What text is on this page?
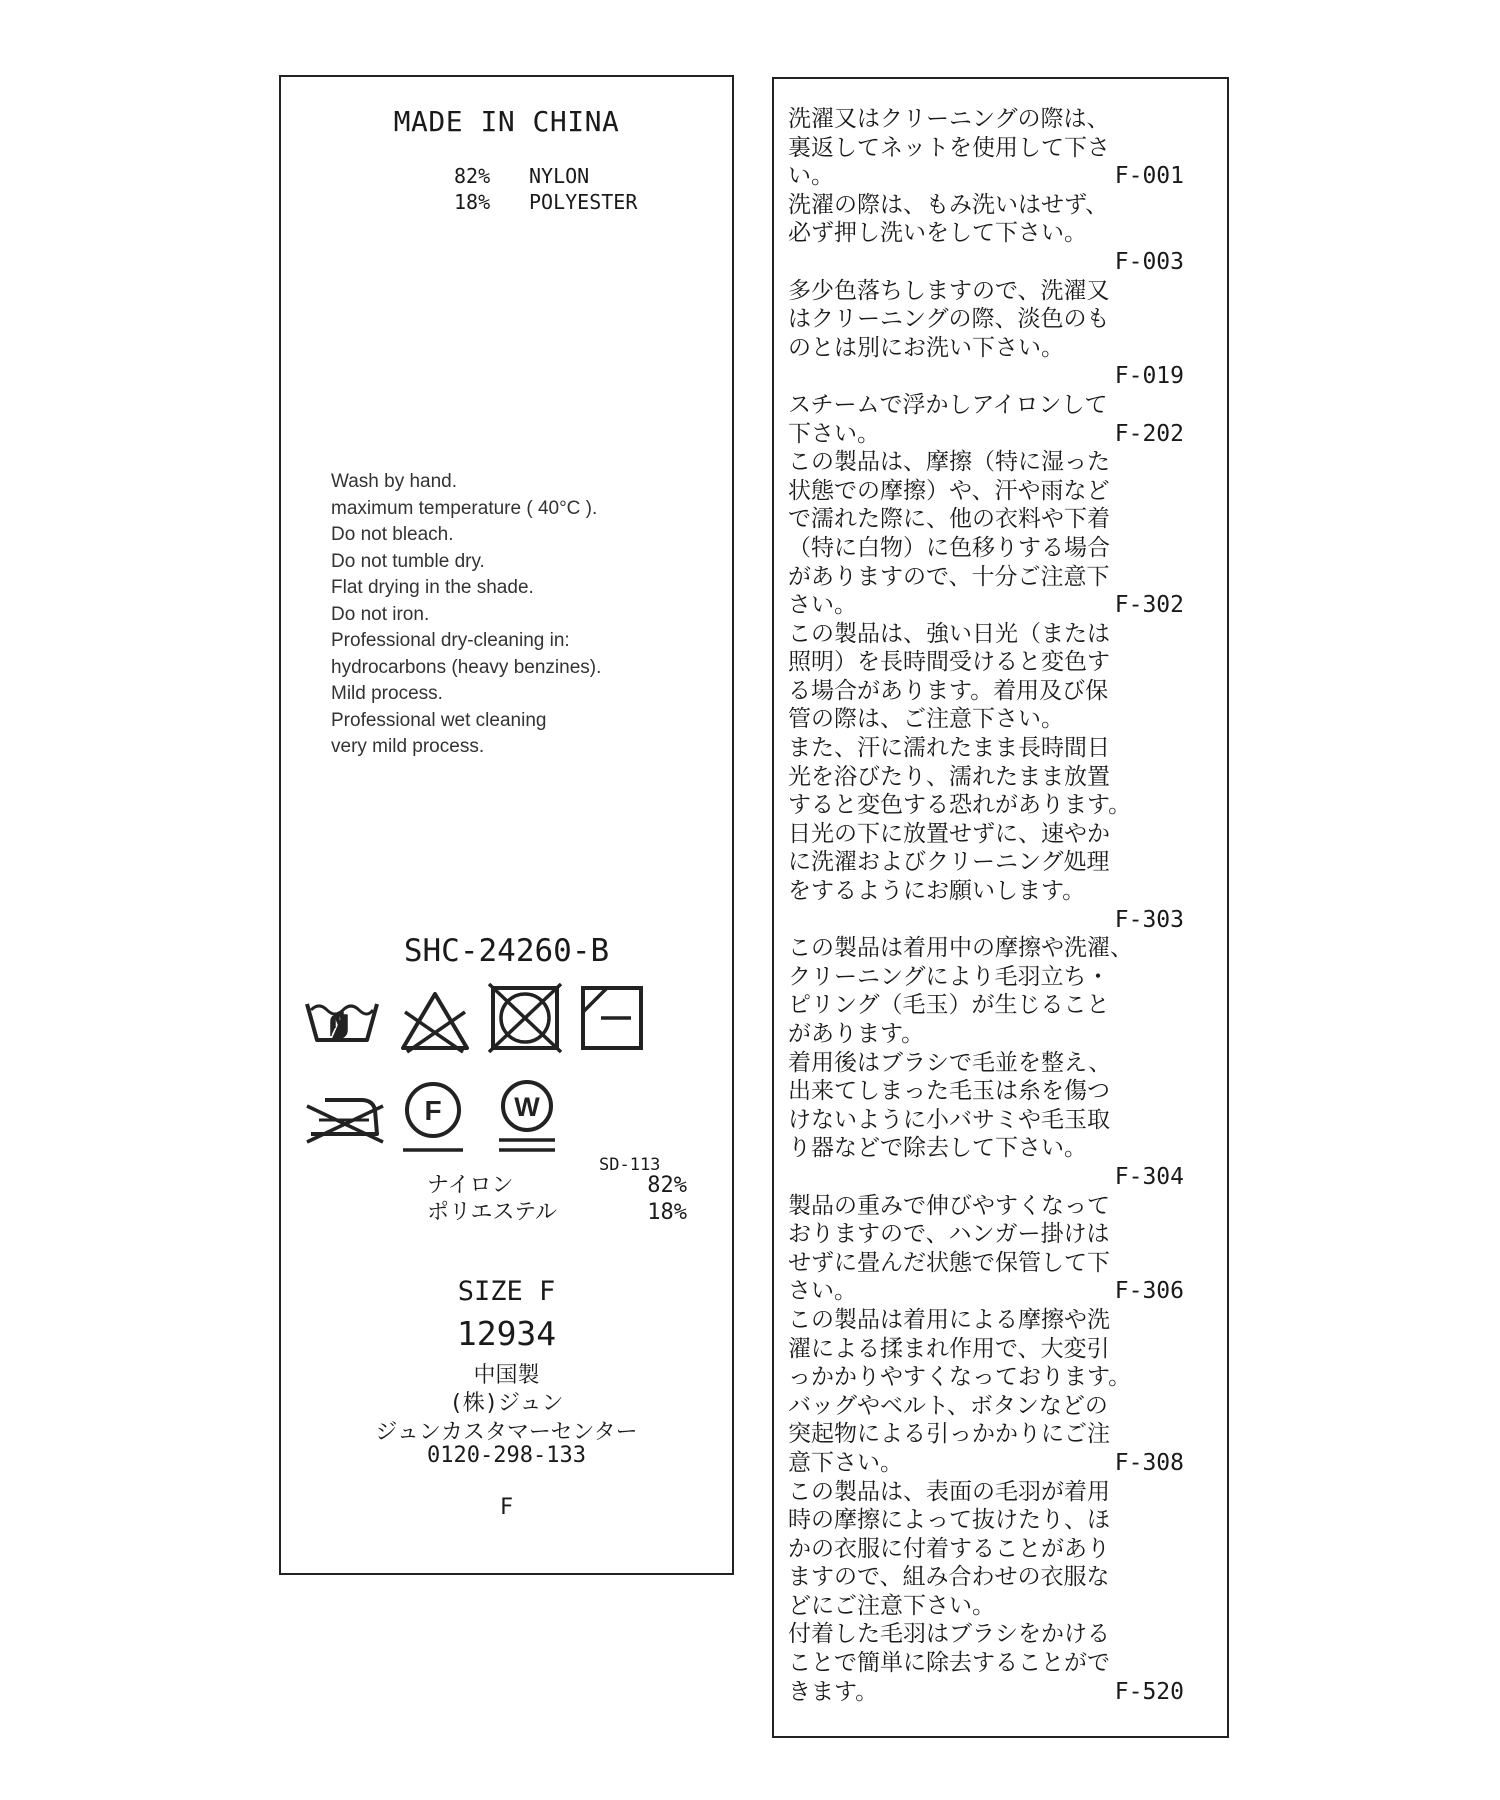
MADE IN CHINA
82% NYLON
18% POLYESTER
Wash by hand.
maximum temperature ( 40°C ).
Do not bleach.
Do not tumble dry.
Flat drying in the shade.
Do not iron.
Professional dry-cleaning in:
hydrocarbons (heavy benzines).
Mild process.
Professional wet cleaning
very mild process.
SHC-24260-B
F	W
SD-113
ナイロン	82%
ポリエステル	18%
SIZE F
12934
中国製
(株)ジュン
ジュンカスタマーセンター
0120-298-133
F
洗濯又はクリーニングの際は、
裏返してネットを使用して下さ
い。	F-001
洗濯の際は、もみ洗いはせず、
必ず押し洗いをして下さい。
F-003
多少色落ちしますので、洗濯又
はクリーニングの際、淡色のも
のとは別にお洗い下さい。
F-019
スチームで浮かしアイロンして
下さい。	F-202
この製品は、摩擦（特に湿った
状態での摩擦）や、汗や雨など
で濡れた際に、他の衣料や下着
（特に白物）に色移りする場合
がありますので、十分ご注意下
さい。	F-302
この製品は、強い日光（または
照明）を長時間受けると変色す
る場合があります。着用及び保
管の際は、ご注意下さい。
また、汗に濡れたまま長時間日
光を浴びたり、濡れたまま放置
すると変色する恐れがあります。
日光の下に放置せずに、速やか
に洗濯およびクリーニング処理
をするようにお願いします。
F-303
この製品は着用中の摩擦や洗濯、
クリーニングにより毛羽立ち・
ピリング（毛玉）が生じること
があります。
着用後はブラシで毛並を整え、
出来てしまった毛玉は糸を傷つ
けないように小バサミや毛玉取
り器などで除去して下さい。
F-304
製品の重みで伸びやすくなって
おりますので、ハンガー掛けは
せずに畳んだ状態で保管して下
さい。	F-306
この製品は着用による摩擦や洗
濯による揉まれ作用で、大変引
っかかりやすくなっております。
バッグやベルト、ボタンなどの
突起物による引っかかりにご注
意下さい。	F-308
この製品は、表面の毛羽が着用
時の摩擦によって抜けたり、ほ
かの衣服に付着することがあり
ますので、組み合わせの衣服な
どにご注意下さい。
付着した毛羽はブラシをかける
ことで簡単に除去することがで
きます。	F-520
